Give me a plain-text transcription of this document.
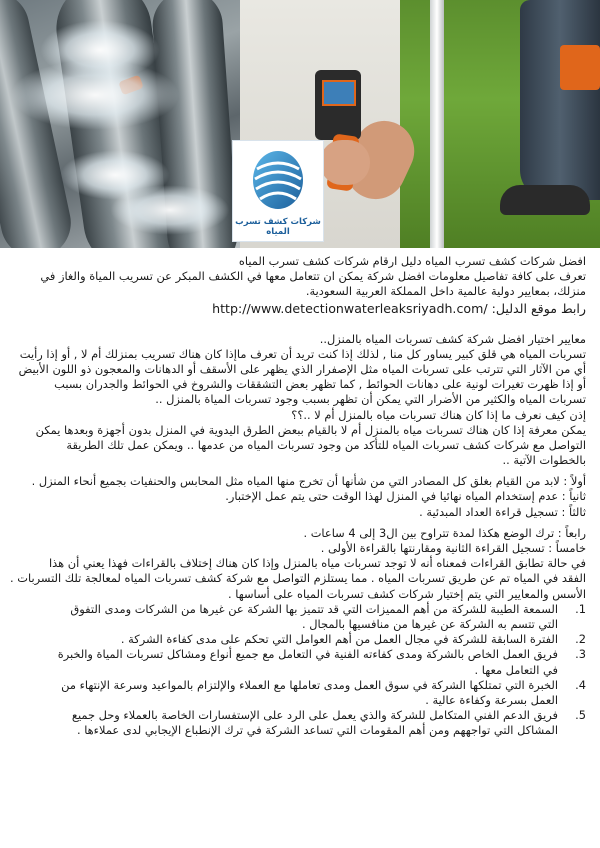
شركات كشف تسرب المياه
افضل شركات كشف تسرب المياه دليل ارقام شركات كشف تسرب المياه
تعرف على كافة تفاصيل معلومات افضل شركة يمكن ان تتعامل معها في الكشف المبكر عن تسريب المياة والغاز في
منزلك، بمعايير دولية عالمية داخل المملكة العربية السعودية.
http://www.detectionwaterleaksriyadh.com/ رابط موقع الدليل:
معايير اختيار افضل شركة كشف تسربات المياه بالمنزل..
تسربات المياه هي قلق كبير يساور كل منا , لذلك إذا كنت تريد أن تعرف ماإذا كان هناك تسريب بمنزلك أم لا , أو إذا رأيت
أي من الآثار التي تترتب على تسربات المياه مثل الإصفرار الذي يظهر على الأسقف أو الدهانات والمعجون ذو اللون الأبيض
أو إذا ظهرت تغيرات لونية على دهانات الحوائط , كما تظهر بعض التشققات والشروخ في الحوائط والجدران بسبب
تسربات المياه والكثير من الأضرار التي يمكن أن تظهر بسبب وجود تسربات المياة بالمنزل ..
إذن كيف نعرف ما إذا كان هناك تسربات مياه بالمنزل أم لا ..؟؟
يمكن معرفة إذا كان هناك تسربات مياه بالمنزل أم لا بالقيام ببعض الطرق اليدوية في المنزل بدون أجهزة وبعدها يمكن
التواصل مع شركات كشف تسربات المياه للتأكد من وجود تسربات المياه من عدمها .. ويمكن عمل تلك الطريقة
بالخطوات الآتية ..
أولاً : لابد من القيام بغلق كل المصادر التي من شأنها أن تخرج منها المياه مثل المحابس والحنفيات بجميع أنحاء المنزل .
ثانياً : عدم إستخدام المياه نهائيا في المنزل لهذا الوقت حتى يتم عمل الإختبار.
ثالثاً : تسجيل قراءة العداد المبدئية .
رابعاً : ترك الوضع هكذا لمدة تتراوح بين ال3 إلى 4 ساعات .
خامساً : تسجيل القراءة الثانية ومقارنتها بالقراءة الأولى .
في حالة تطابق القراءات فمعناه أنه لا توجد تسربات مياه بالمنزل وإذا كان هناك إختلاف بالقراءات فهذا يعني أن هذا
الفقد في المياه تم عن طريق تسربات المياه . مما يستلزم التواصل مع شركة كشف تسربات المياه لمعالجة تلك التسربات .
الأسس والمعايير التي يتم إختيار شركات كشف تسربات المياه على أساسها .
1.
السمعة الطيبة للشركة من أهم المميزات التي قد تتميز بها الشركة عن غيرها من الشركات ومدى التفوق
التي تتسم به الشركة عن غيرها من منافسيها بالمجال .
2.
الفترة السابقة للشركة في مجال العمل من أهم العوامل التي تحكم على مدى كفاءة الشركة .
3.
فريق العمل الخاص بالشركة ومدى كفاءته الفنية في التعامل مع جميع أنواع ومشاكل تسربات المياة والخبرة
في التعامل معها .
4.
الخبرة التي تمتلكها الشركة في سوق العمل ومدى تعاملها مع العملاء والإلتزام بالمواعيد وسرعة الإنتهاء من
العمل بسرعة وكفاءة عالية .
5.
فريق الدعم الفني المتكامل للشركة والذي يعمل على الرد على الإستفسارات الخاصة بالعملاء وحل جميع
المشاكل التي تواجههم ومن أهم المقومات التي تساعد الشركة في ترك الإنطباع الإيجابي لدى عملاءها .
